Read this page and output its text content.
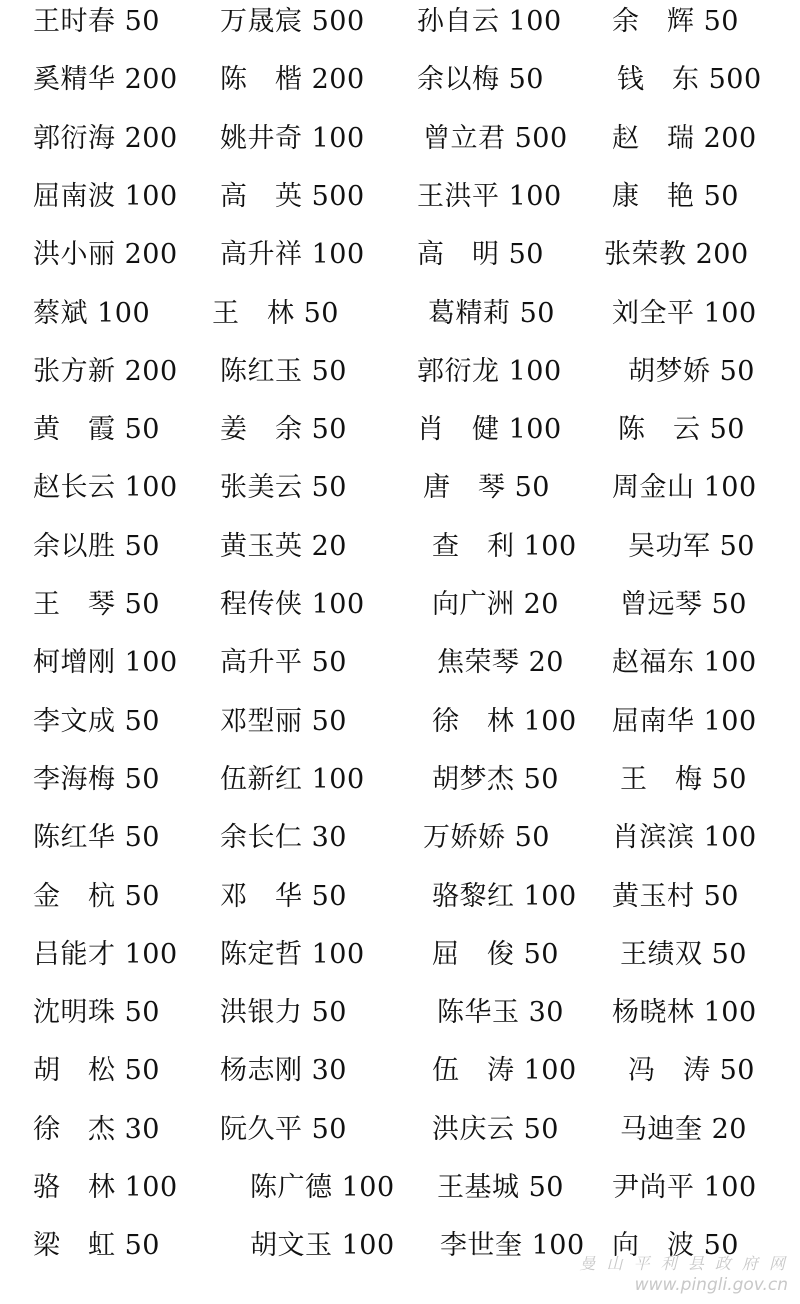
王时春 50 万晟宸 500 孙自云 100 余　辉 50
奚精华 200 陈　楷 200 余以梅 50	钱　东 500
郭衍海 200 姚井奇 100 曾立君 500 赵　瑞 200
屈南波 100 高　英 500 王洪平 100 康　艳 50
洪小丽 200 高升祥 100 高　明 50 张荣教 200
蔡斌 100 王　林 50	葛精莉 50 刘全平 100
张方新 200 陈红玉 50	郭衍龙 100 胡梦娇 50
黄　霞 50 姜　余 50	肖　健 100 陈　云 50
赵长云 100 张美云 50	唐　琴 50 周金山 100
余以胜 50 黄玉英 20	查　利 100 吴功军 50
王　琴 50 程传侠 100 向广洲 20 曾远琴 50
柯增刚 100 高升平 50	焦荣琴 20 赵福东 100
李文成 50 邓型丽 50	徐　林 100 屈南华 100
李海梅 50 伍新红 100 胡梦杰 50 王　梅 50
陈红华 50 余长仁 30	万娇娇 50 肖滨滨 100
金　杭 50 邓　华 50	骆黎红 100 黄玉村 50
吕能才 100 陈定哲 100 屈　俊 50 王绩双 50
沈明珠 50 洪银力 50	陈华玉 30 杨晓林 100
胡　松 50 杨志刚 30	伍　涛 100 冯　涛 50
徐　杰 30 阮久平 50	洪庆云 50 马迪奎 20
骆　林 100	陈广德 100 王基城 50 尹尚平 100
梁　虹 50	胡文玉 100 李世奎 100 向　波 50
曼 山 平 利 县 政 府 网
www.pingli.gov.cn
